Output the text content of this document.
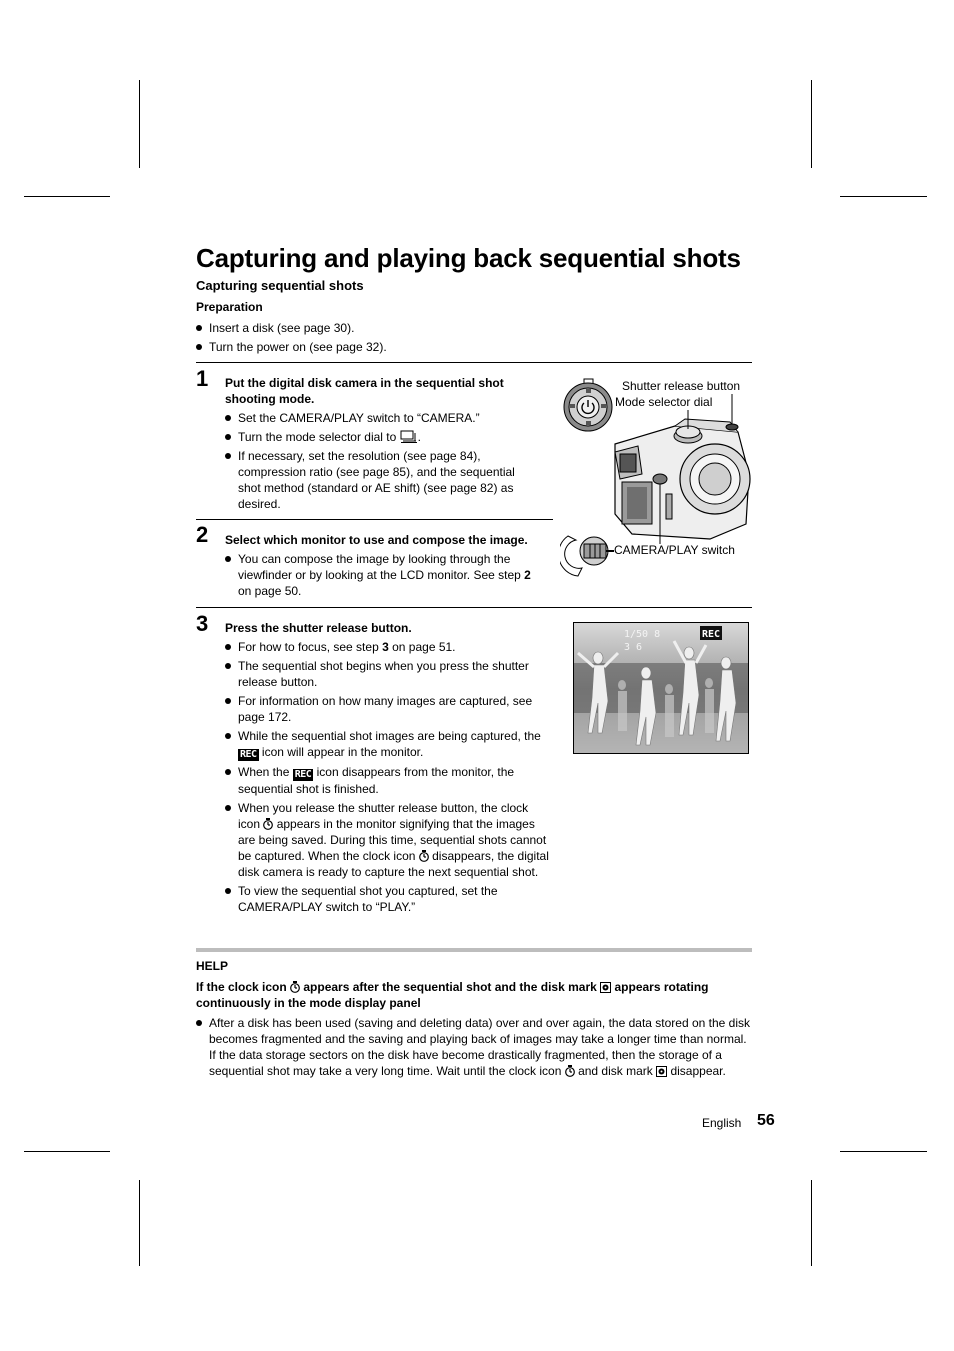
Capturing and playing back sequential shots
Capturing sequential shots
Preparation
Insert a disk (see page 30).
Turn the power on (see page 32).
1 Put the digital disk camera in the sequential shot shooting mode.
Set the CAMERA/PLAY switch to “CAMERA.”
Turn the mode selector dial to .
If necessary, set the resolution (see page 84), compression ratio (see page 85), and the sequential shot method (standard or AE shift) (see page 82) as desired.
2 Select which monitor to use and compose the image.
You can compose the image by looking through the viewfinder or by looking at the LCD monitor. See step 2 on page 50.
3 Press the shutter release button.
For how to focus, see step 3 on page 51.
The sequential shot begins when you press the shutter release button.
For information on how many images are captured, see page 172.
While the sequential shot images are being captured, the REC icon will appear in the monitor.
When the REC icon disappears from the monitor, the sequential shot is finished.
When you release the shutter release button, the clock icon appears in the monitor signifying that the images are being saved. During this time, sequential shots cannot be captured. When the clock icon disappears, the digital disk camera is ready to capture the next sequential shot.
To view the sequential shot you captured, set the CAMERA/PLAY switch to “PLAY.”
Shutter release button
Mode selector dial
CAMERA/PLAY switch
1/50 8
3 6
REC
HELP
If the clock icon appears after the sequential shot and the disk mark appears rotating continuously in the mode display panel
After a disk has been used (saving and deleting data) over and over again, the data stored on the disk becomes fragmented and the saving and playing back of images may take a longer time than normal. If the data storage sectors on the disk have become drastically fragmented, then the storage of a sequential shot may take a very long time. Wait until the clock icon and disk mark disappear.
English 56
